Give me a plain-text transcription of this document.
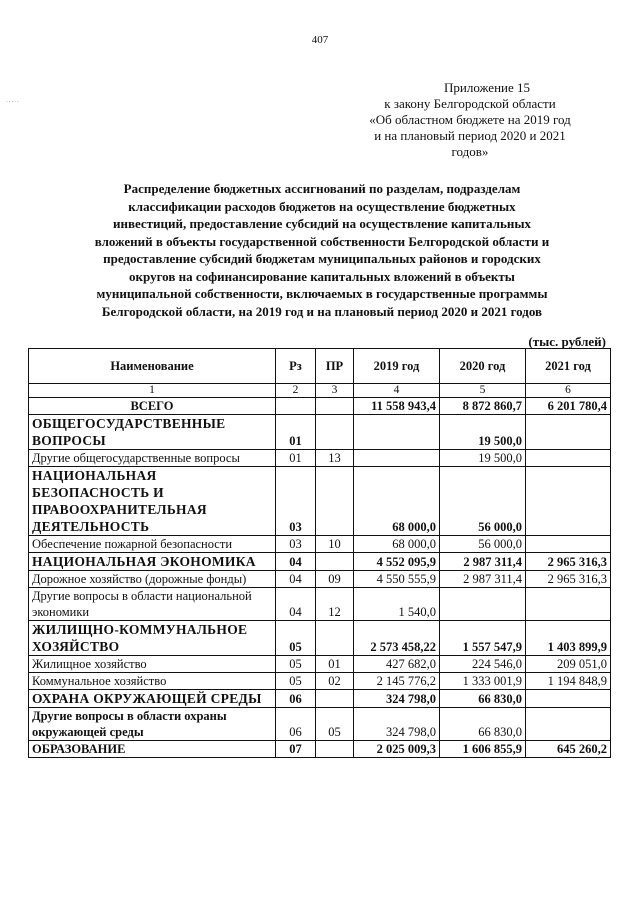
407
∙∙∙∙∙
Приложение 15
к закону Белгородской области
«Об областном бюджете на 2019 год
и на плановый период 2020 и 2021
годов»
Распределение бюджетных ассигнований по разделам, подразделам
классификации расходов бюджетов на осуществление бюджетных
инвестиций, предоставление субсидий на осуществление капитальных
вложений в объекты государственной собственности Белгородской области и
предоставление субсидий бюджетам муниципальных районов и городских
округов на софинансирование капитальных вложений в объекты
муниципальной собственности, включаемых в государственные программы
Белгородской области, на 2019 год и на плановый период 2020 и 2021 годов
(тыс. рублей)
Наименование	Рз	ПР	2019 год	2020 год	2021 год
1	2	3	4	5	6
ВСЕГО			11 558 943,4	8 872 860,7	6 201 780,4
ОБЩЕГОСУДАРСТВЕННЫЕ ВОПРОСЫ	01			19 500,0	
Другие общегосударственные вопросы	01	13		19 500,0	
НАЦИОНАЛЬНАЯ БЕЗОПАСНОСТЬ И ПРАВООХРАНИТЕЛЬНАЯ ДЕЯТЕЛЬНОСТЬ	03		68 000,0	56 000,0	
Обеспечение пожарной безопасности	03	10	68 000,0	56 000,0	
НАЦИОНАЛЬНАЯ ЭКОНОМИКА	04		4 552 095,9	2 987 311,4	2 965 316,3
Дорожное хозяйство (дорожные фонды)	04	09	4 550 555,9	2 987 311,4	2 965 316,3
Другие вопросы в области национальной экономики	04	12	1 540,0		
ЖИЛИЩНО-КОММУНАЛЬНОЕ ХОЗЯЙСТВО	05		2 573 458,22	1 557 547,9	1 403 899,9
Жилищное хозяйство	05	01	427 682,0	224 546,0	209 051,0
Коммунальное хозяйство	05	02	2 145 776,2	1 333 001,9	1 194 848,9
ОХРАНА ОКРУЖАЮЩЕЙ СРЕДЫ	06		324 798,0	66 830,0	
Другие вопросы в области охраны окружающей среды	06	05	324 798,0	66 830,0	
ОБРАЗОВАНИЕ	07		2 025 009,3	1 606 855,9	645 260,2
